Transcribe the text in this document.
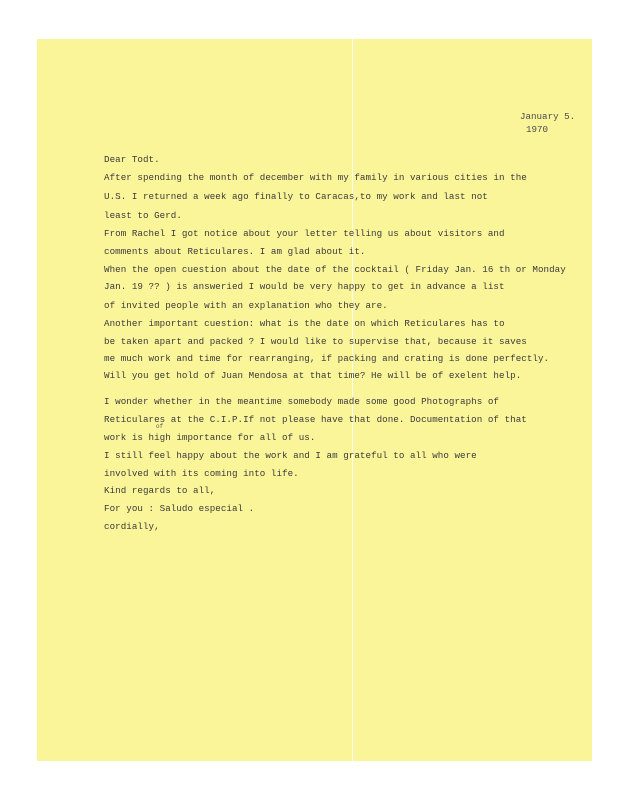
January 5.
1970
Dear Todt.
After spending the month of december with my family in various cities in the
U.S. I returned a week ago finally to Caracas,to my work and last not
least to Gerd.
From Rachel I got notice about your letter telling us about visitors and
comments about Reticulares. I am glad about it.
When the open cuestion about the date of the cocktail ( Friday Jan. 16 th or Monday
Jan. 19 ?? ) is answeried I would be very happy to get in advance a list
of invited people with an explanation who they are.
Another important cuestion: what is the date on which Reticulares has to
be taken apart and packed ? I would like to supervise that, because it saves
me much work and time for rearranging, if packing and crating is done perfectly.
Will you get hold of Juan Mendosa at that time? He will be of exelent help.
I wonder whether in the meantime somebody made some good Photographs of
Reticulares at the C.I.P.If not please have that done. Documentation of that
work is high importance for all of us.
of
I still feel happy about the work and I am grateful to all who were
involved with its coming into life.
Kind regards to all,
For you : Saludo especial .
cordially,
